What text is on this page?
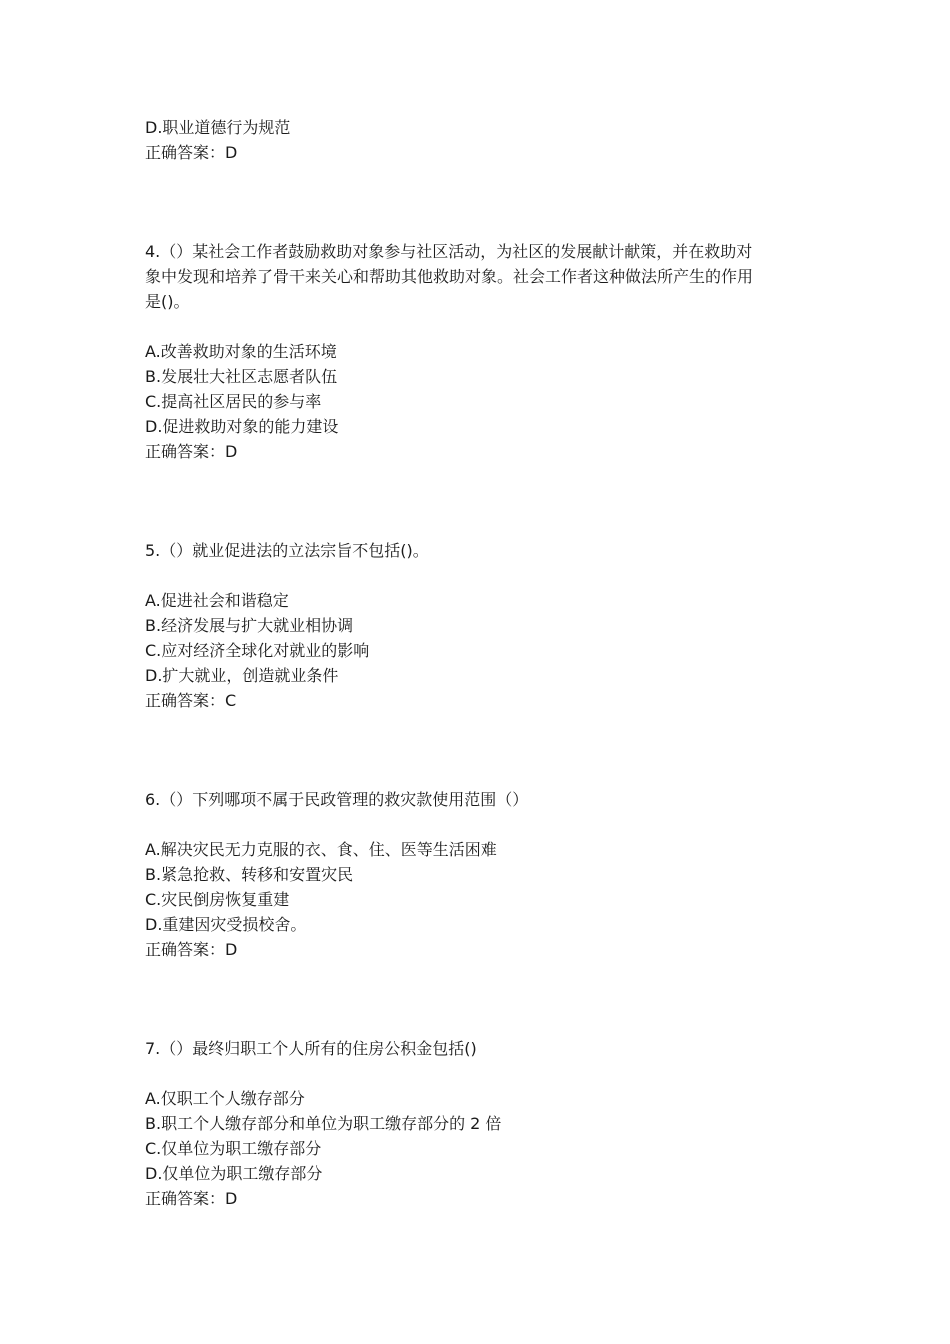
D.职业道德行为规范
正确答案：D
4.（）某社会工作者鼓励救助对象参与社区活动，为社区的发展献计献策，并在救助对
象中发现和培养了骨干来关心和帮助其他救助对象。社会工作者这种做法所产生的作用
是()。
A.改善救助对象的生活环境
B.发展壮大社区志愿者队伍
C.提高社区居民的参与率
D.促进救助对象的能力建设
正确答案：D
5.（）就业促进法的立法宗旨不包括()。
A.促进社会和谐稳定
B.经济发展与扩大就业相协调
C.应对经济全球化对就业的影响
D.扩大就业，创造就业条件
正确答案：C
6.（）下列哪项不属于民政管理的救灾款使用范围（）
A.解决灾民无力克服的衣、食、住、医等生活困难
B.紧急抢救、转移和安置灾民
C.灾民倒房恢复重建
D.重建因灾受损校舍。
正确答案：D
7.（）最终归职工个人所有的住房公积金包括()
A.仅职工个人缴存部分
B.职工个人缴存部分和单位为职工缴存部分的 2 倍
C.仅单位为职工缴存部分
D.仅单位为职工缴存部分
正确答案：D
